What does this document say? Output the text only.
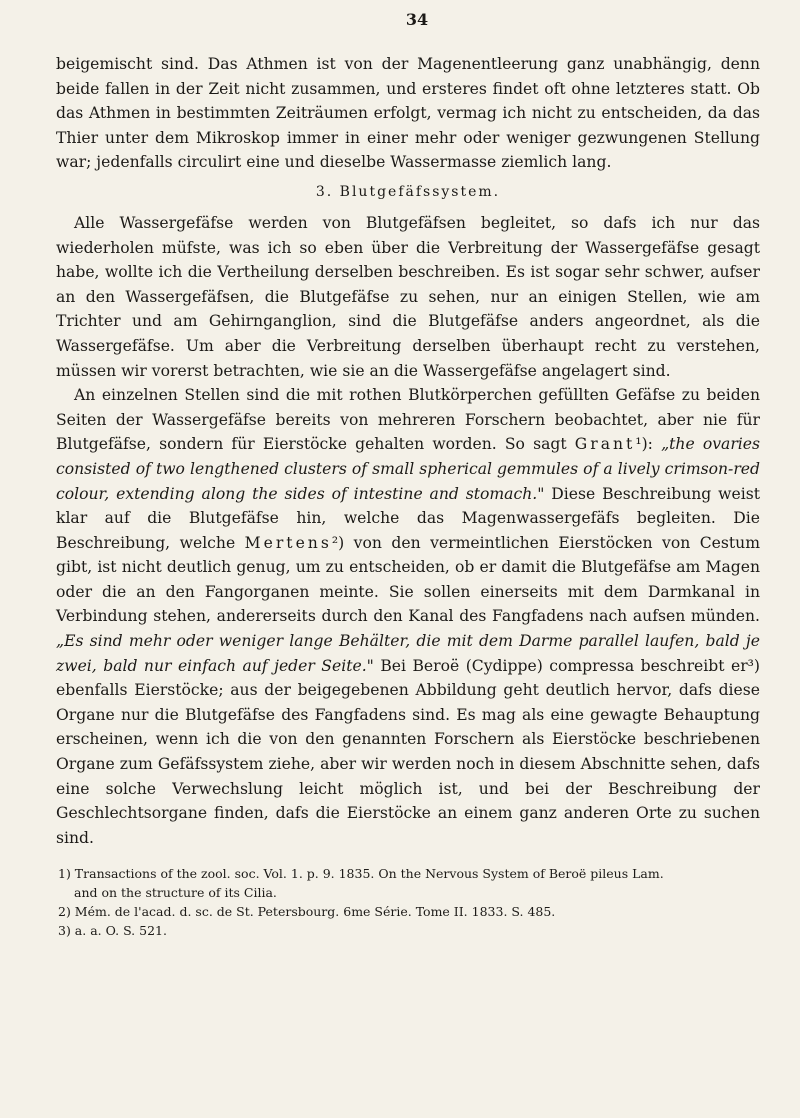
34

beigemischt sind. Das Athmen ist von der Magenentleerung ganz unabhängig, denn beide fallen in der Zeit nicht zusammen, und ersteres findet oft ohne letzteres statt. Ob das Athmen in bestimmten Zeiträumen erfolgt, vermag ich nicht zu entscheiden, da das Thier unter dem Mikroskop immer in einer mehr oder weniger gezwungenen Stellung war; jedenfalls circulirt eine und dieselbe Wassermasse ziemlich lang.

3. Blutgefäfssystem.

Alle Wassergefäfse werden von Blutgefäfsen begleitet, so dafs ich nur das wiederholen müfste, was ich so eben über die Verbreitung der Wassergefäfse gesagt habe, wollte ich die Vertheilung derselben beschreiben. Es ist sogar sehr schwer, aufser an den Wassergefäfsen, die Blutgefäfse zu sehen, nur an einigen Stellen, wie am Trichter und am Gehirnganglion, sind die Blutgefäfse anders angeordnet, als die Wassergefäfse. Um aber die Verbreitung derselben überhaupt recht zu verstehen, müssen wir vorerst betrachten, wie sie an die Wassergefäfse angelagert sind.

An einzelnen Stellen sind die mit rothen Blutkörperchen gefüllten Gefäfse zu beiden Seiten der Wassergefäfse bereits von mehreren Forschern beobachtet, aber nie für Blutgefäfse, sondern für Eierstöcke gehalten worden. So sagt Grant¹): „the ovaries consisted of two lengthened clusters of small spherical gemmules of a lively crimson-red colour, extending along the sides of intestine and stomach." Diese Beschreibung weist klar auf die Blutgefäfse hin, welche das Magenwassergefäfs begleiten. Die Beschreibung, welche Mertens²) von den vermeintlichen Eierstöcken von Cestum gibt, ist nicht deutlich genug, um zu entscheiden, ob er damit die Blutgefäfse am Magen oder die an den Fangorganen meinte. Sie sollen einerseits mit dem Darmkanal in Verbindung stehen, andererseits durch den Kanal des Fangfadens nach aufsen münden. „Es sind mehr oder weniger lange Behälter, die mit dem Darme parallel laufen, bald je zwei, bald nur einfach auf jeder Seite." Bei Beroë (Cydippe) compressa beschreibt er³) ebenfalls Eierstöcke; aus der beigegebenen Abbildung geht deutlich hervor, dafs diese Organe nur die Blutgefäfse des Fangfadens sind. Es mag als eine gewagte Behauptung erscheinen, wenn ich die von den genannten Forschern als Eierstöcke beschriebenen Organe zum Gefäfssystem ziehe, aber wir werden noch in diesem Abschnitte sehen, dafs eine solche Verwechslung leicht möglich ist, und bei der Beschreibung der Geschlechtsorgane finden, dafs die Eierstöcke an einem ganz anderen Orte zu suchen sind.

1) Transactions of the zool. soc. Vol. 1. p. 9. 1835. On the Nervous System of Beroë pileus Lam.
and on the structure of its Cilia.
2) Mém. de l'acad. d. sc. de St. Petersbourg. 6me Série. Tome II. 1833. S. 485.
3) a. a. O. S. 521.
